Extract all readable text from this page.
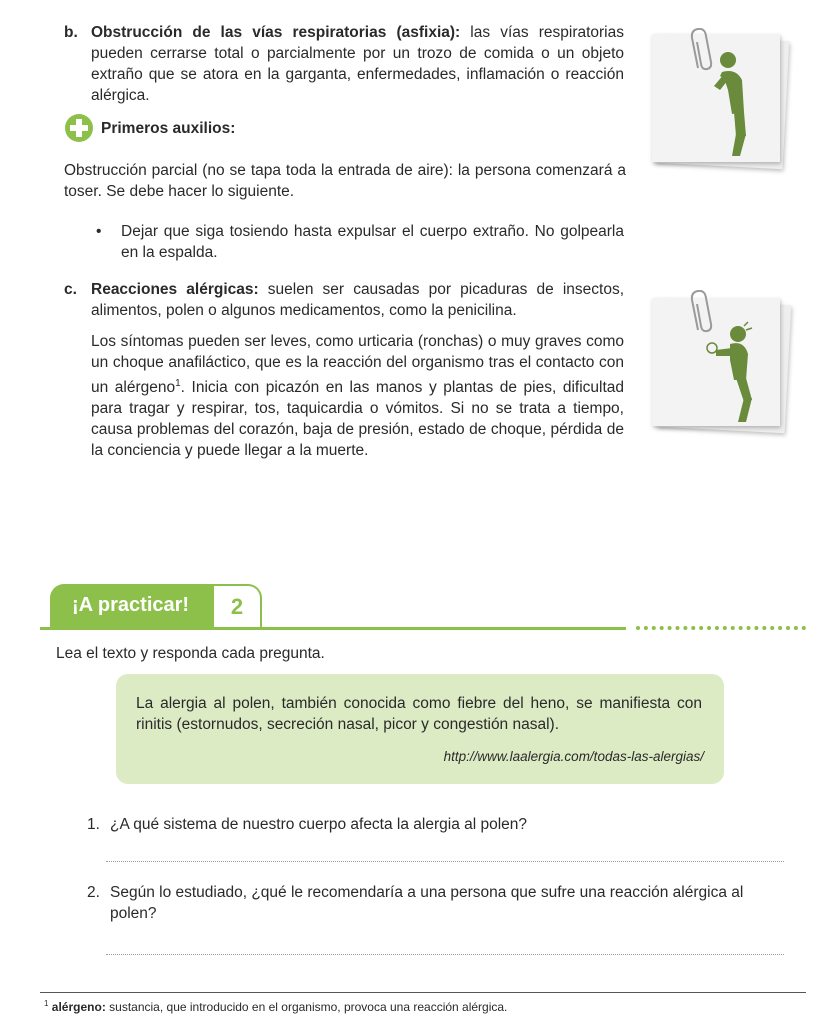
b. Obstrucción de las vías respiratorias (asfixia): las vías respiratorias pueden cerrarse total o parcialmente por un trozo de comida o un objeto extraño que se atora en la garganta, enfermedades, inflamación o reacción alérgica.
Primeros auxilios:
Obstrucción parcial (no se tapa toda la entrada de aire): la persona comenzará a toser. Se debe hacer lo siguiente.
• Dejar que siga tosiendo hasta expulsar el cuerpo extraño. No golpearla en la espalda.
c. Reacciones alérgicas: suelen ser causadas por picaduras de insectos, alimentos, polen o algunos medicamentos, como la penicilina.
Los síntomas pueden ser leves, como urticaria (ronchas) o muy graves como un choque anafiláctico, que es la reacción del organismo tras el contacto con un alérgeno$^1$. Inicia con picazón en las manos y plantas de pies, dificultad para tragar y respirar, tos, taquicardia o vómitos. Si no se trata a tiempo, causa problemas del corazón, baja de presión, estado de choque, pérdida de la conciencia y puede llegar a la muerte.
¡A practicar!	2
Lea el texto y responda cada pregunta.
La alergia al polen, también conocida como fiebre del heno, se manifiesta con rinitis (estornudos, secreción nasal, picor y congestión nasal).
http://www.laalergia.com/todas-las-alergias/
1. ¿A qué sistema de nuestro cuerpo afecta la alergia al polen?
2. Según lo estudiado, ¿qué le recomendaría a una persona que sufre una reacción alérgica al polen?
$^1$ alérgeno: sustancia, que introducido en el organismo, provoca una reacción alérgica.
